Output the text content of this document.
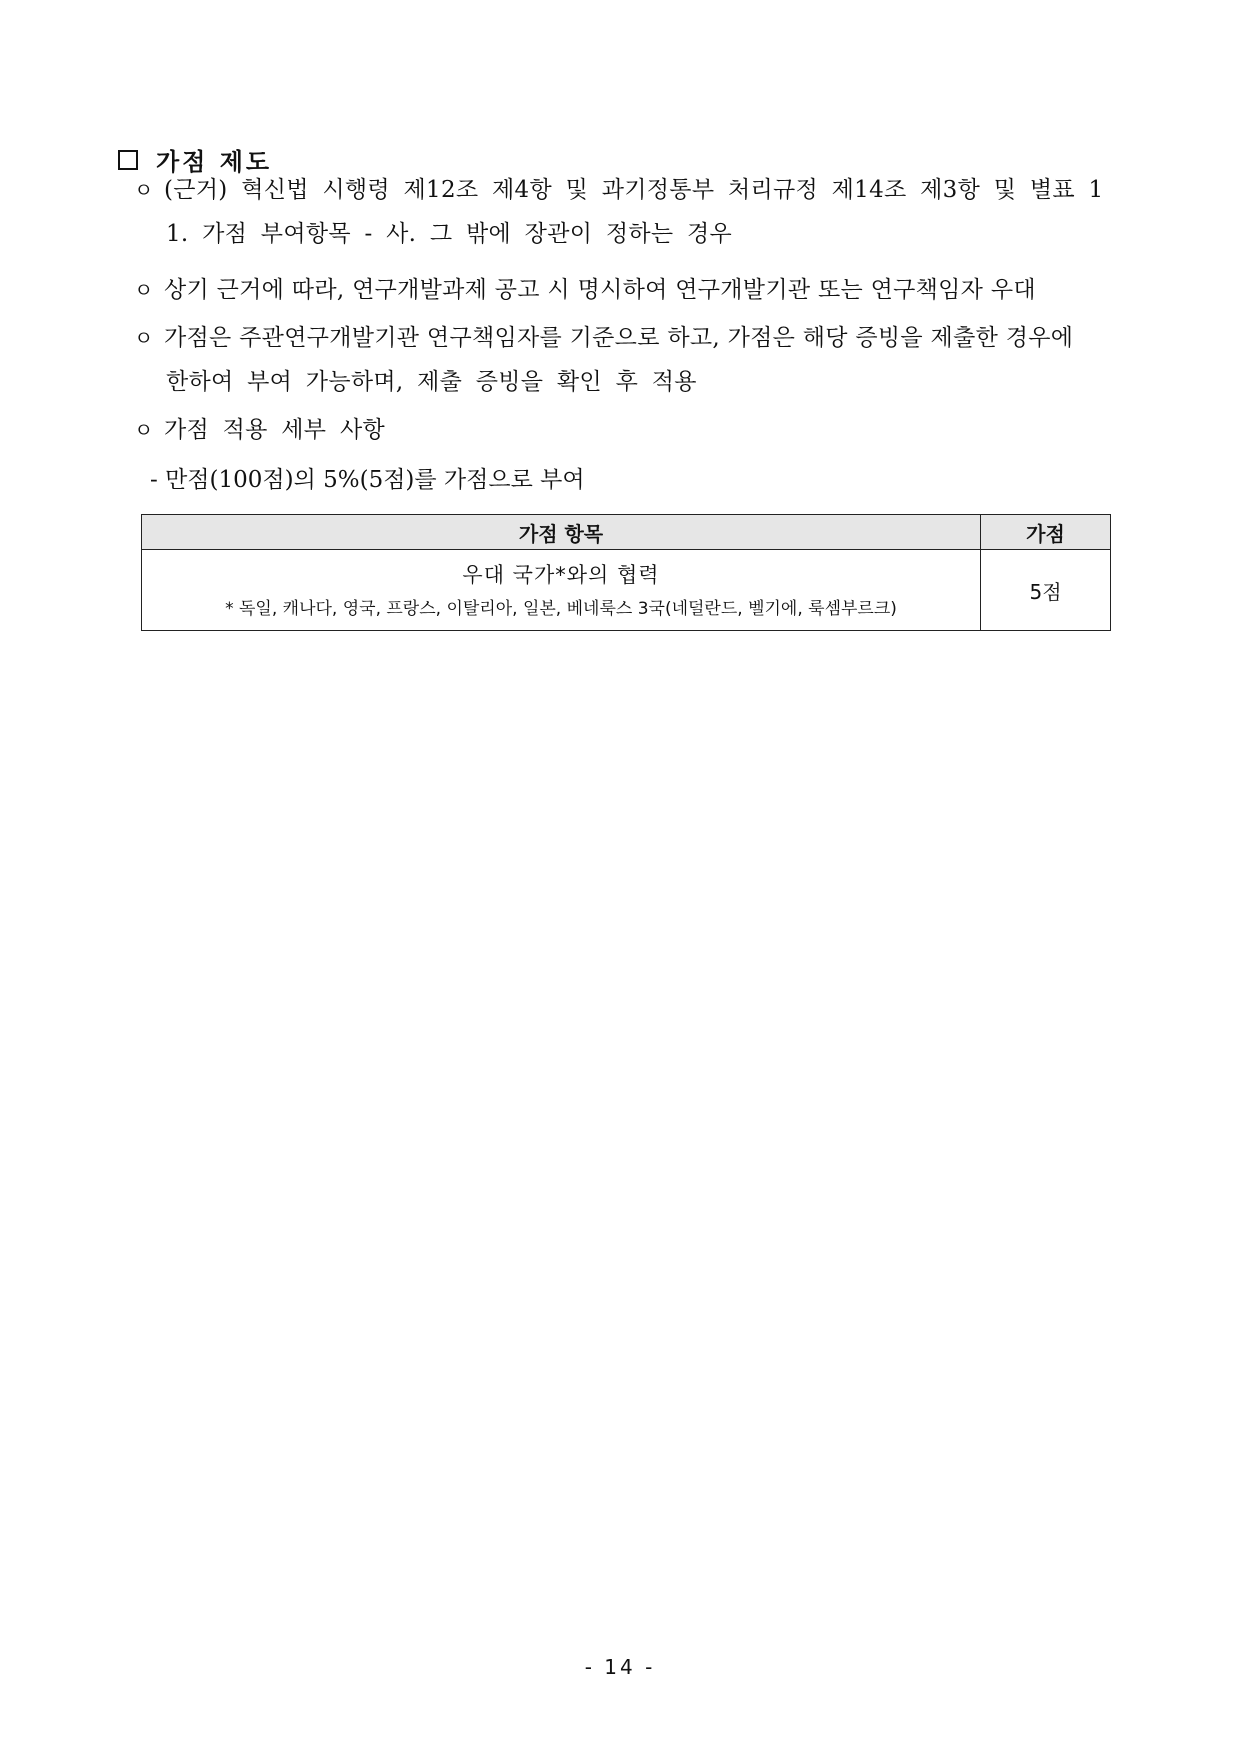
가점 제도
ㅇ (근거) 혁신법 시행령 제12조 제4항 및 과기정통부 처리규정 제14조 제3항 및 별표 1
1. 가점 부여항목 - 사. 그 밖에 장관이 정하는 경우
ㅇ 상기 근거에 따라, 연구개발과제 공고 시 명시하여 연구개발기관 또는 연구책임자 우대
ㅇ 가점은 주관연구개발기관 연구책임자를 기준으로 하고, 가점은 해당 증빙을 제출한 경우에
한하여 부여 가능하며, 제출 증빙을 확인 후 적용
ㅇ 가점 적용 세부 사항
- 만점(100점)의 5%(5점)를 가점으로 부여
가점 항목	가점

우대 국가*와의 협력
* 독일, 캐나다, 영국, 프랑스, 이탈리아, 일본, 베네룩스 3국(네덜란드, 벨기에, 룩셈부르크)	5점
- 14 -
